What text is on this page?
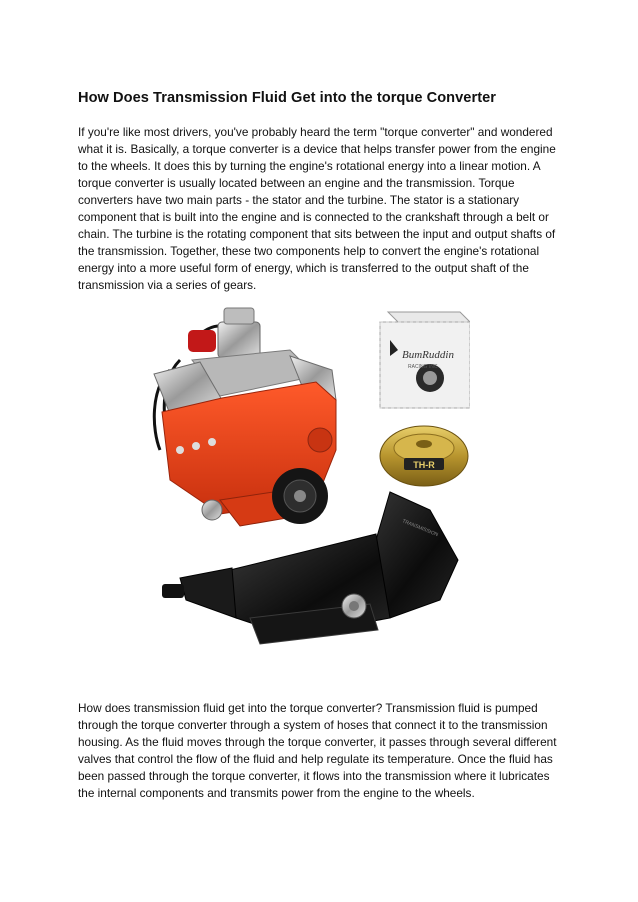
How Does Transmission Fluid Get into the torque Converter

If you're like most drivers, you've probably heard the term "torque converter" and wondered what it is. Basically, a torque converter is a device that helps transfer power from the engine to the wheels. It does this by turning the engine's rotational energy into a linear motion. A torque converter is usually located between an engine and the transmission. Torque converters have two main parts - the stator and the turbine. The stator is a stationary component that is built into the engine and is connected to the crankshaft through a belt or chain. The turbine is the rotating component that sits between the input and output shafts of the transmission. Together, these two components help to convert the engine's rotational energy into a more useful form of energy, which is transferred to the output shaft of the transmission via a series of gears.

BumRuddin
RACING INC
TH-R
TRANSMISSION

How does transmission fluid get into the torque converter? Transmission fluid is pumped through the torque converter through a system of hoses that connect it to the transmission housing. As the fluid moves through the torque converter, it passes through several different valves that control the flow of the fluid and help regulate its temperature. Once the fluid has been passed through the torque converter, it flows into the transmission where it lubricates the internal components and transmits power from the engine to the wheels.
